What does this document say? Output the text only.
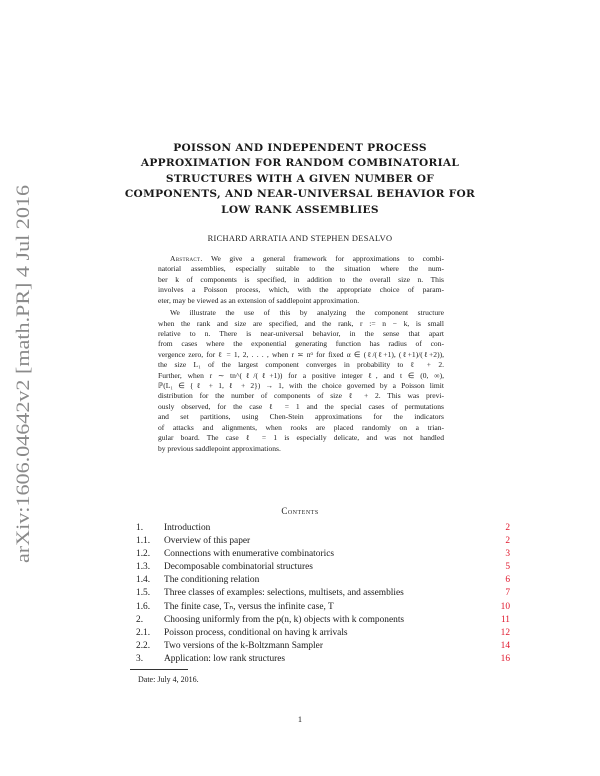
arXiv:1606.04642v2 [math.PR] 4 Jul 2016
POISSON AND INDEPENDENT PROCESS
APPROXIMATION FOR RANDOM COMBINATORIAL
STRUCTURES WITH A GIVEN NUMBER OF
COMPONENTS, AND NEAR-UNIVERSAL BEHAVIOR FOR
LOW RANK ASSEMBLIES
RICHARD ARRATIA AND STEPHEN DESALVO
Abstract. We give a general framework for approximations to combi-
natorial assemblies, especially suitable to the situation where the num-
ber k of components is specified, in addition to the overall size n. This
involves a Poisson process, which, with the appropriate choice of param-
eter, may be viewed as an extension of saddlepoint approximation.
We illustrate the use of this by analyzing the component structure
when the rank and size are specified, and the rank, r := n − k, is small
relative to n. There is near-universal behavior, in the sense that apart
from cases where the exponential generating function has radius of con-
vergence zero, for ℓ = 1, 2, . . . , when r ≍ nᵅ for fixed α ∈ (ℓ/(ℓ+1), (ℓ+1)/(ℓ+2)),
the size L₁ of the largest component converges in probability to ℓ + 2.
Further, when r ∼ tn^(ℓ/(ℓ+1)) for a positive integer ℓ, and t ∈ (0, ∞),
ℙ(L₁ ∈ {ℓ + 1, ℓ + 2}) → 1, with the choice governed by a Poisson limit
distribution for the number of components of size ℓ + 2. This was previ-
ously observed, for the case ℓ = 1 and the special cases of permutations
and set partitions, using Chen-Stein approximations for the indicators
of attacks and alignments, when rooks are placed randomly on a trian-
gular board. The case ℓ = 1 is especially delicate, and was not handled
by previous saddlepoint approximations.
Contents
1. Introduction	2
1.1. Overview of this paper	2
1.2. Connections with enumerative combinatorics	3
1.3. Decomposable combinatorial structures	5
1.4. The conditioning relation	6
1.5. Three classes of examples: selections, multisets, and assemblies	7
1.6. The finite case, Tₙ, versus the infinite case, T	10
2. Choosing uniformly from the p(n, k) objects with k components	11
2.1. Poisson process, conditional on having k arrivals	12
2.2. Two versions of the k-Boltzmann Sampler	14
3. Application: low rank structures	16
Date: July 4, 2016.
1
